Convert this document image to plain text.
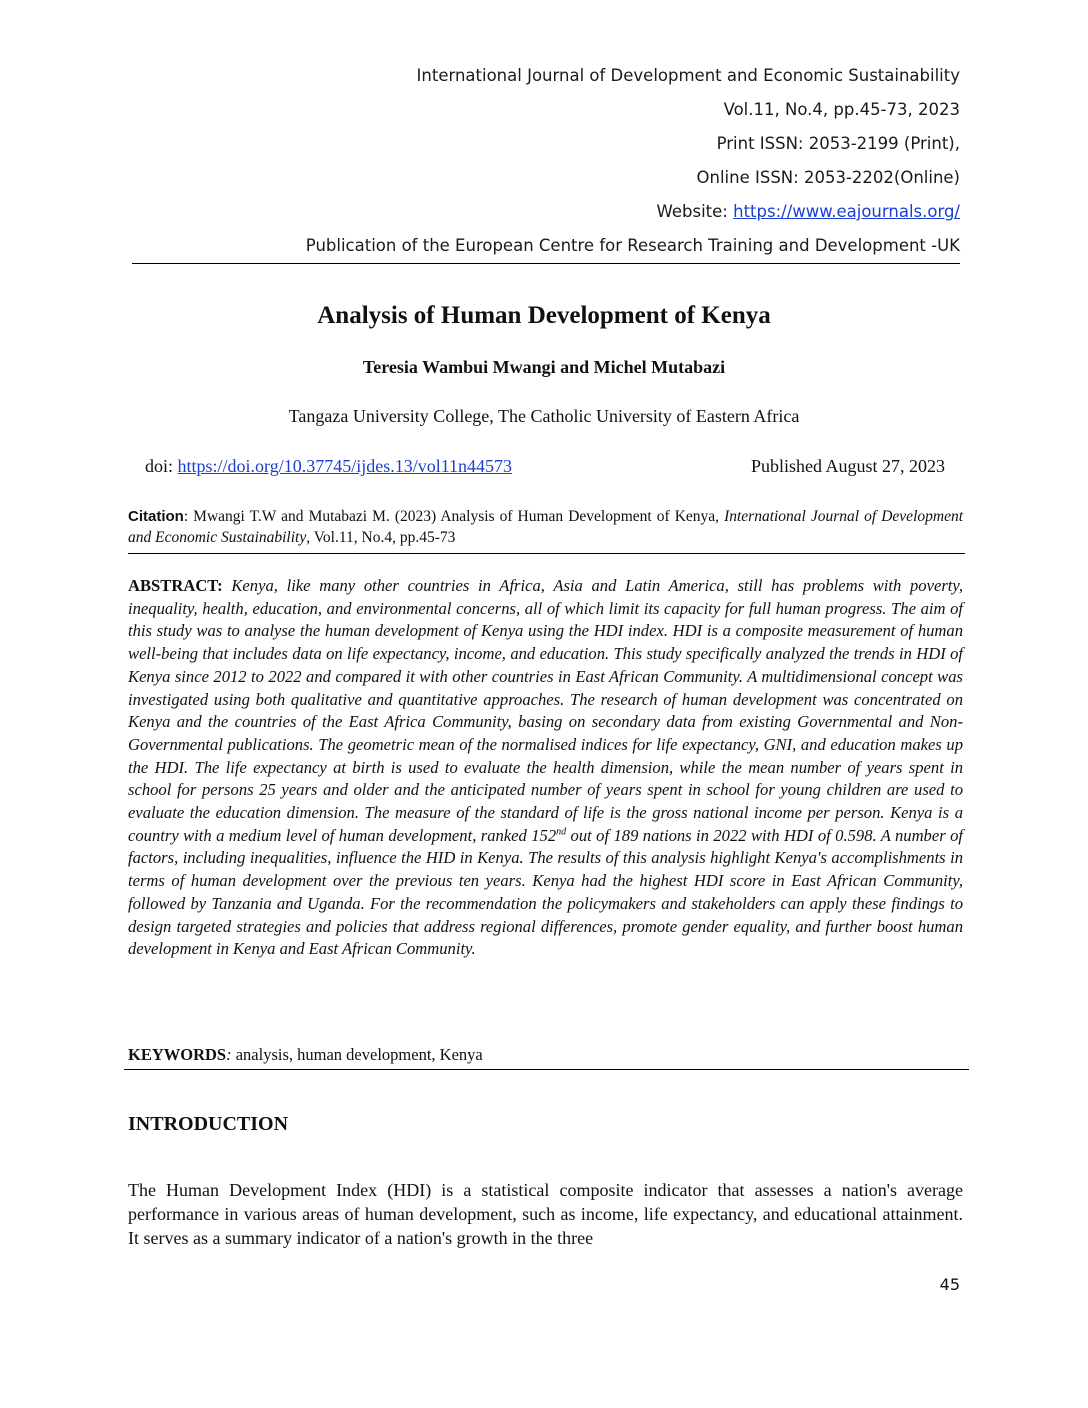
International Journal of Development and Economic Sustainability
Vol.11, No.4, pp.45-73, 2023
Print ISSN: 2053-2199 (Print),
Online ISSN: 2053-2202(Online)
Website: https://www.eajournals.org/
Publication of the European Centre for Research Training and Development -UK
Analysis of Human Development of Kenya
Teresia Wambui Mwangi and Michel Mutabazi
Tangaza University College, The Catholic University of Eastern Africa
doi: https://doi.org/10.37745/ijdes.13/vol11n44573	Published August 27, 2023
Citation: Mwangi T.W and Mutabazi M. (2023) Analysis of Human Development of Kenya, International Journal of Development and Economic Sustainability, Vol.11, No.4, pp.45-73
ABSTRACT: Kenya, like many other countries in Africa, Asia and Latin America, still has problems with poverty, inequality, health, education, and environmental concerns, all of which limit its capacity for full human progress. The aim of this study was to analyse the human development of Kenya using the HDI index. HDI is a composite measurement of human well-being that includes data on life expectancy, income, and education. This study specifically analyzed the trends in HDI of Kenya since 2012 to 2022 and compared it with other countries in East African Community. A multidimensional concept was investigated using both qualitative and quantitative approaches. The research of human development was concentrated on Kenya and the countries of the East Africa Community, basing on secondary data from existing Governmental and Non-Governmental publications. The geometric mean of the normalised indices for life expectancy, GNI, and education makes up the HDI. The life expectancy at birth is used to evaluate the health dimension, while the mean number of years spent in school for persons 25 years and older and the anticipated number of years spent in school for young children are used to evaluate the education dimension. The measure of the standard of life is the gross national income per person. Kenya is a country with a medium level of human development, ranked 152nd out of 189 nations in 2022 with HDI of 0.598. A number of factors, including inequalities, influence the HID in Kenya. The results of this analysis highlight Kenya's accomplishments in terms of human development over the previous ten years. Kenya had the highest HDI score in East African Community, followed by Tanzania and Uganda. For the recommendation the policymakers and stakeholders can apply these findings to design targeted strategies and policies that address regional differences, promote gender equality, and further boost human development in Kenya and East African Community.
KEYWORDS: analysis, human development, Kenya
INTRODUCTION
The Human Development Index (HDI) is a statistical composite indicator that assesses a nation's average performance in various areas of human development, such as income, life expectancy, and educational attainment. It serves as a summary indicator of a nation's growth in the three
45
